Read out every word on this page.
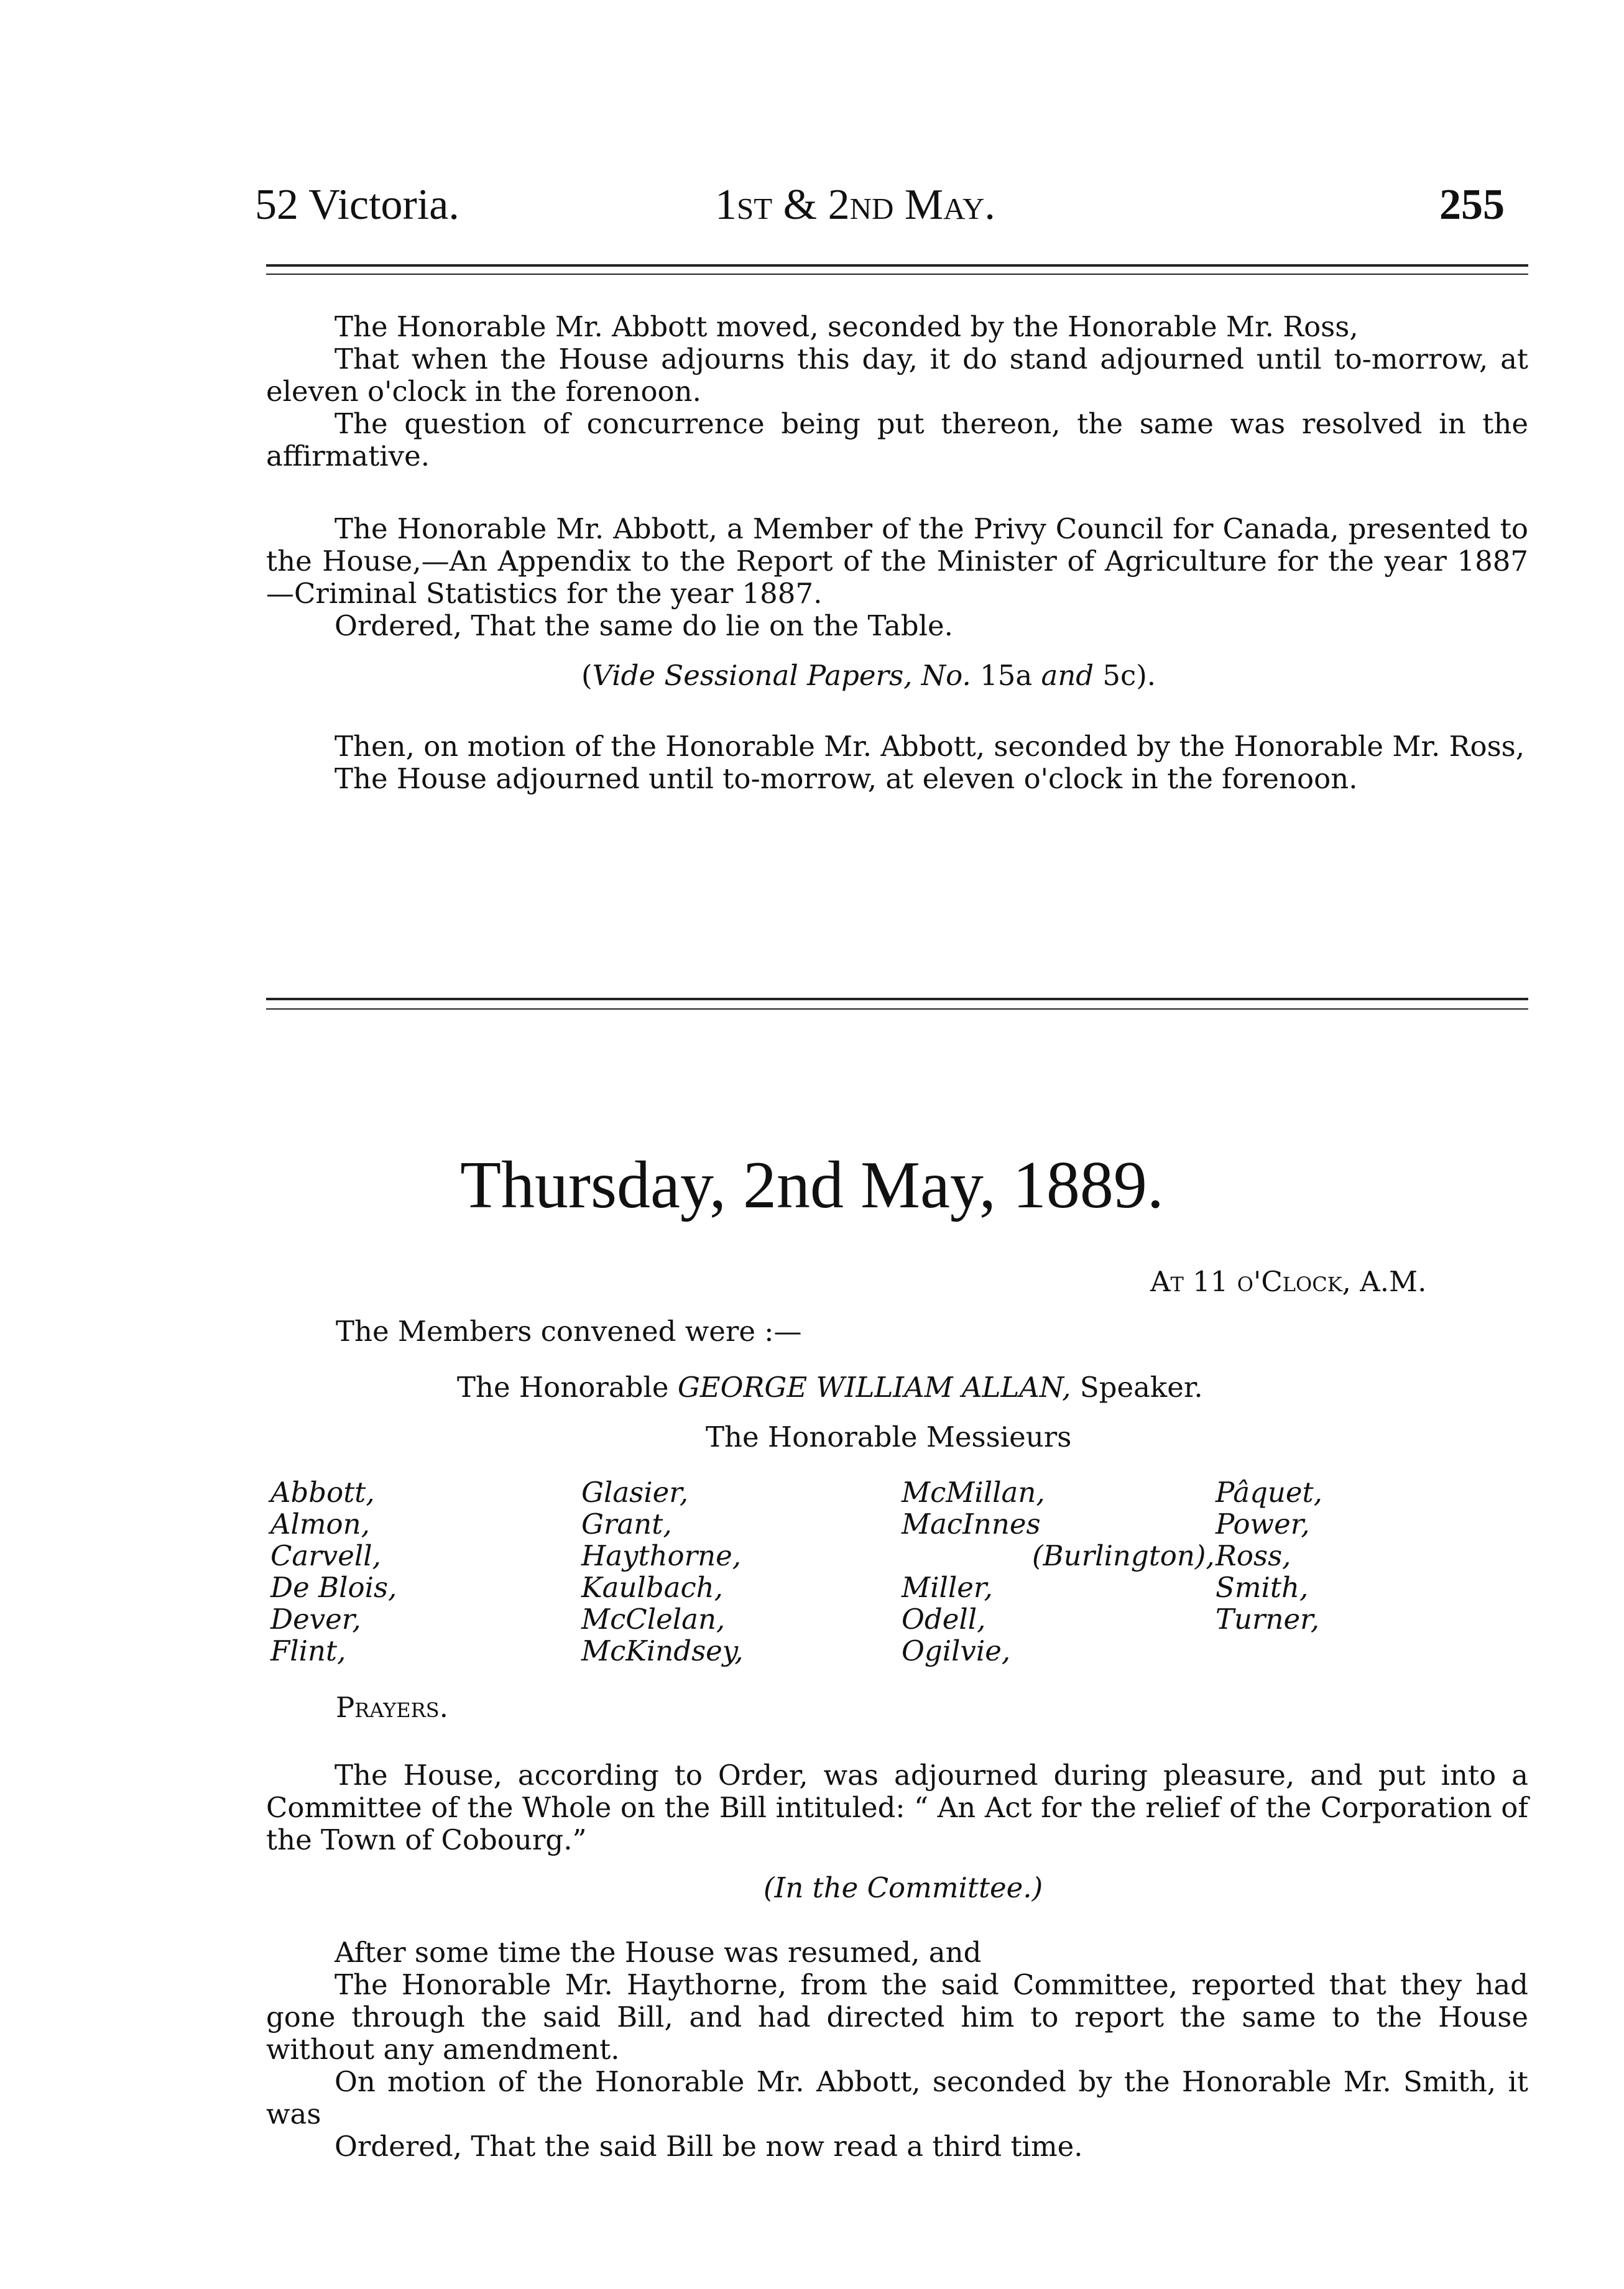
52 Victoria.	1st & 2nd May.	255

The Honorable Mr. Abbott moved, seconded by the Honorable Mr. Ross,

That when the House adjourns this day, it do stand adjourned until to-morrow, at eleven o'clock in the forenoon.

The question of concurrence being put thereon, the same was resolved in the affirmative.

The Honorable Mr. Abbott, a Member of the Privy Council for Canada, presented to the House,—An Appendix to the Report of the Minister of Agriculture for the year 1887—Criminal Statistics for the year 1887.

Ordered, That the same do lie on the Table.

(Vide Sessional Papers, No. 15a and 5c).

Then, on motion of the Honorable Mr. Abbott, seconded by the Honorable Mr. Ross,

The House adjourned until to-morrow, at eleven o'clock in the forenoon.

Thursday, 2nd May, 1889.
At 11 o'Clock, A.M.
The Members convened were :—
The Honorable GEORGE WILLIAM ALLAN, Speaker.
The Honorable Messieurs
Abbott,
Almon,
Carvell,
De Blois,
Dever,
Flint,
Glasier,
Grant,
Haythorne,
Kaulbach,
McClelan,
McKindsey,
McMillan,
MacInnes
(Burlington),
Miller,
Odell,
Ogilvie,
Pâquet,
Power,
Ross,
Smith,
Turner,
Prayers.

The House, according to Order, was adjourned during pleasure, and put into a Committee of the Whole on the Bill intituled: “ An Act for the relief of the Corporation of the Town of Cobourg.”

(In the Committee.)

After some time the House was resumed, and

The Honorable Mr. Haythorne, from the said Committee, reported that they had gone through the said Bill, and had directed him to report the same to the House without any amendment.

On motion of the Honorable Mr. Abbott, seconded by the Honorable Mr. Smith, it was

Ordered, That the said Bill be now read a third time.
